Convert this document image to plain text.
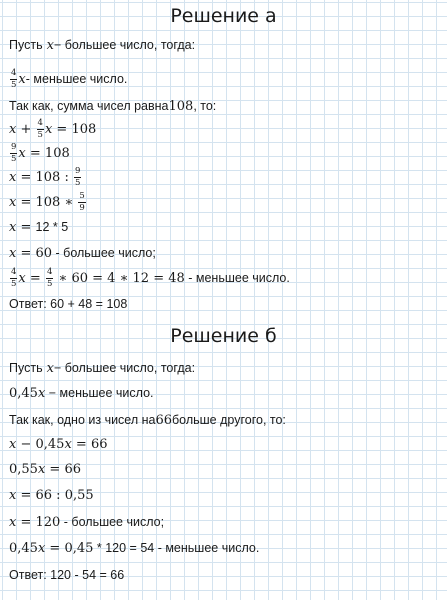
Решение а
Пусть x − большее число, тогда:
$\frac{4}{5}$ x - меньшее число.
Так как, сумма чисел равна 108 , то:
$x + \frac{4}{5}$ x = 108
$\frac{9}{5}$ x = 108
x = 108 : $\frac{9}{5}$
x = 108 ∗ $\frac{5}{9}$
x = 12 * 5
x = 60 - большее число;
$\frac{4}{5}$ $x = \frac{4}{5}$ ∗ 60 = 4 ∗ 12 = 48 - меньшее число.
Ответ: 60 + 48 = 108
Решение б
Пусть x − большее число, тогда:
0,45 x − меньшее число.
Так как, одно из чисел на 66 больше другого, то:
x − 0,45 x = 66
0,55 x = 66
x = 66 : 0,55
x = 120 - большее число;
0,45 x = 0,45 * 120 = 54 - меньшее число.
Ответ: 120 - 54 = 66
